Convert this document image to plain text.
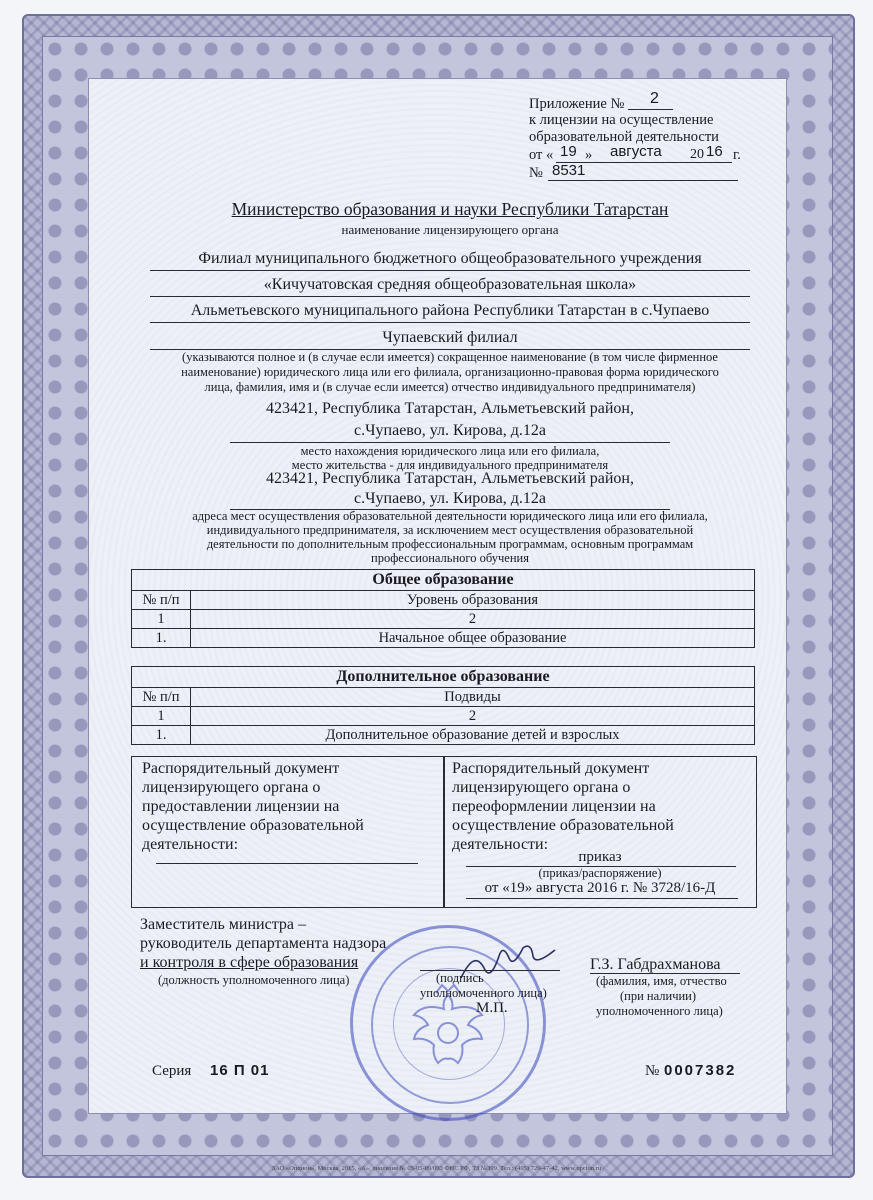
Приложение № 2
к лицензии на осуществление
образовательной деятельности
от « 19 » августа 20 16 г.
№ 8531
Министерство образования и науки Республики Татарстан
наименование лицензирующего органа
Филиал муниципального бюджетного общеобразовательного учреждения
«Кичучатовская средняя общеобразовательная школа»
Альметьевского муниципального района Республики Татарстан в с.Чупаево
Чупаевский филиал
(указываются полное и (в случае если имеется) сокращенное наименование (в том числе фирменное
наименование) юридического лица или его филиала, организационно-правовая форма юридического
лица, фамилия, имя и (в случае если имеется) отчество индивидуального предпринимателя)
423421, Республика Татарстан, Альметьевский район,
с.Чупаево, ул. Кирова, д.12а
место нахождения юридического лица или его филиала,
место жительства - для индивидуального предпринимателя
423421, Республика Татарстан, Альметьевский район,
с.Чупаево, ул. Кирова, д.12а
адреса мест осуществления образовательной деятельности юридического лица или его филиала,
индивидуального предпринимателя, за исключением мест осуществления образовательной
деятельности по дополнительным профессиональным программам, основным программам
профессионального обучения
Общее образование	
№ п/п	Уровень образования
1	2
1.	Начальное общее образование
Дополнительное образование	
№ п/п	Подвиды
1	2
1.	Дополнительное образование детей и взрослых
Распорядительный документ
лицензирующего органа о
предоставлении лицензии на
осуществление образовательной
деятельности:
Распорядительный документ
лицензирующего органа о
переоформлении лицензии на
осуществление образовательной
деятельности:
приказ
(приказ/распоряжение)
от «19» августа 2016 г. № 3728/16-Д
Заместитель министра –
руководитель департамента надзора
и контроля в сфере образования
(должность уполномоченного лица)	(подпись
уполномоченного лица)
М.П.
Г.З. Габдрахманова
(фамилия, имя, отчество
(при наличии)
уполномоченного лица)
Серия 16 П 01	№ 0007382
ЗАО «Опцион», Москва, 2015, «А», лицензия № 05-05-09/003 ФНС РФ, ТЗ №399. Тел.: (495) 726-47-42, www.opcion.ru
